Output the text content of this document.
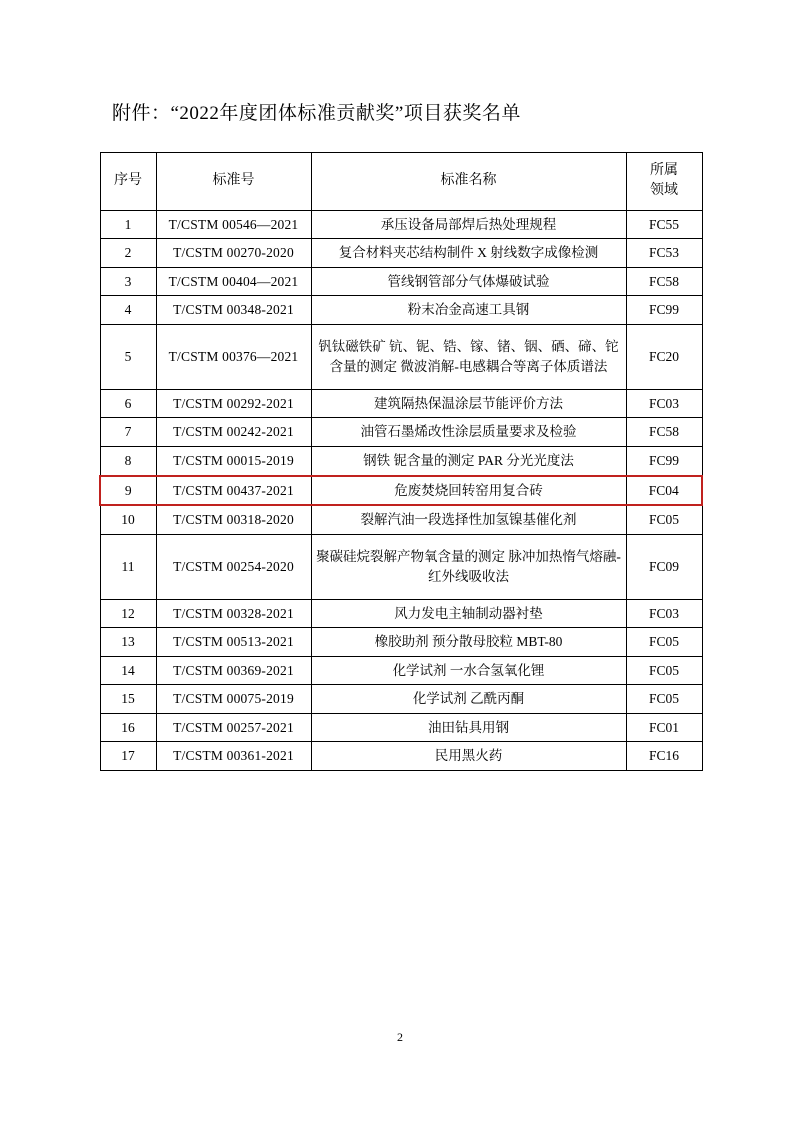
附件：“2022年度团体标准贡献奖”项目获奖名单
序号	标准号	标准名称	所属
领域

1	T/CSTM 00546—2021	承压设备局部焊后热处理规程	FC55
2	T/CSTM 00270-2020	复合材料夹芯结构制件 X 射线数字成像检测	FC53
3	T/CSTM 00404—2021	管线钢管部分气体爆破试验	FC58
4	T/CSTM 00348-2021	粉末冶金高速工具钢	FC99
5	T/CSTM 00376—2021	钒钛磁铁矿 钪、铌、锆、镓、锗、铟、硒、碲、铊含量的测定 微波消解-电感耦合等离子体质谱法	FC20
6	T/CSTM 00292-2021	建筑隔热保温涂层节能评价方法	FC03
7	T/CSTM 00242-2021	油管石墨烯改性涂层质量要求及检验	FC58
8	T/CSTM 00015-2019	钢铁 铌含量的测定 PAR 分光光度法	FC99
9	T/CSTM 00437-2021	危废焚烧回转窑用复合砖	FC04
10	T/CSTM 00318-2020	裂解汽油一段选择性加氢镍基催化剂	FC05
11	T/CSTM 00254-2020	聚碳硅烷裂解产物氧含量的测定 脉冲加热惰气熔融-红外线吸收法	FC09
12	T/CSTM 00328-2021	风力发电主轴制动器衬垫	FC03
13	T/CSTM 00513-2021	橡胶助剂 预分散母胶粒 MBT-80	FC05
14	T/CSTM 00369-2021	化学试剂 一水合氢氧化锂	FC05
15	T/CSTM 00075-2019	化学试剂 乙酰丙酮	FC05
16	T/CSTM 00257-2021	油田钻具用钢	FC01
17	T/CSTM 00361-2021	民用黑火药	FC16
2
